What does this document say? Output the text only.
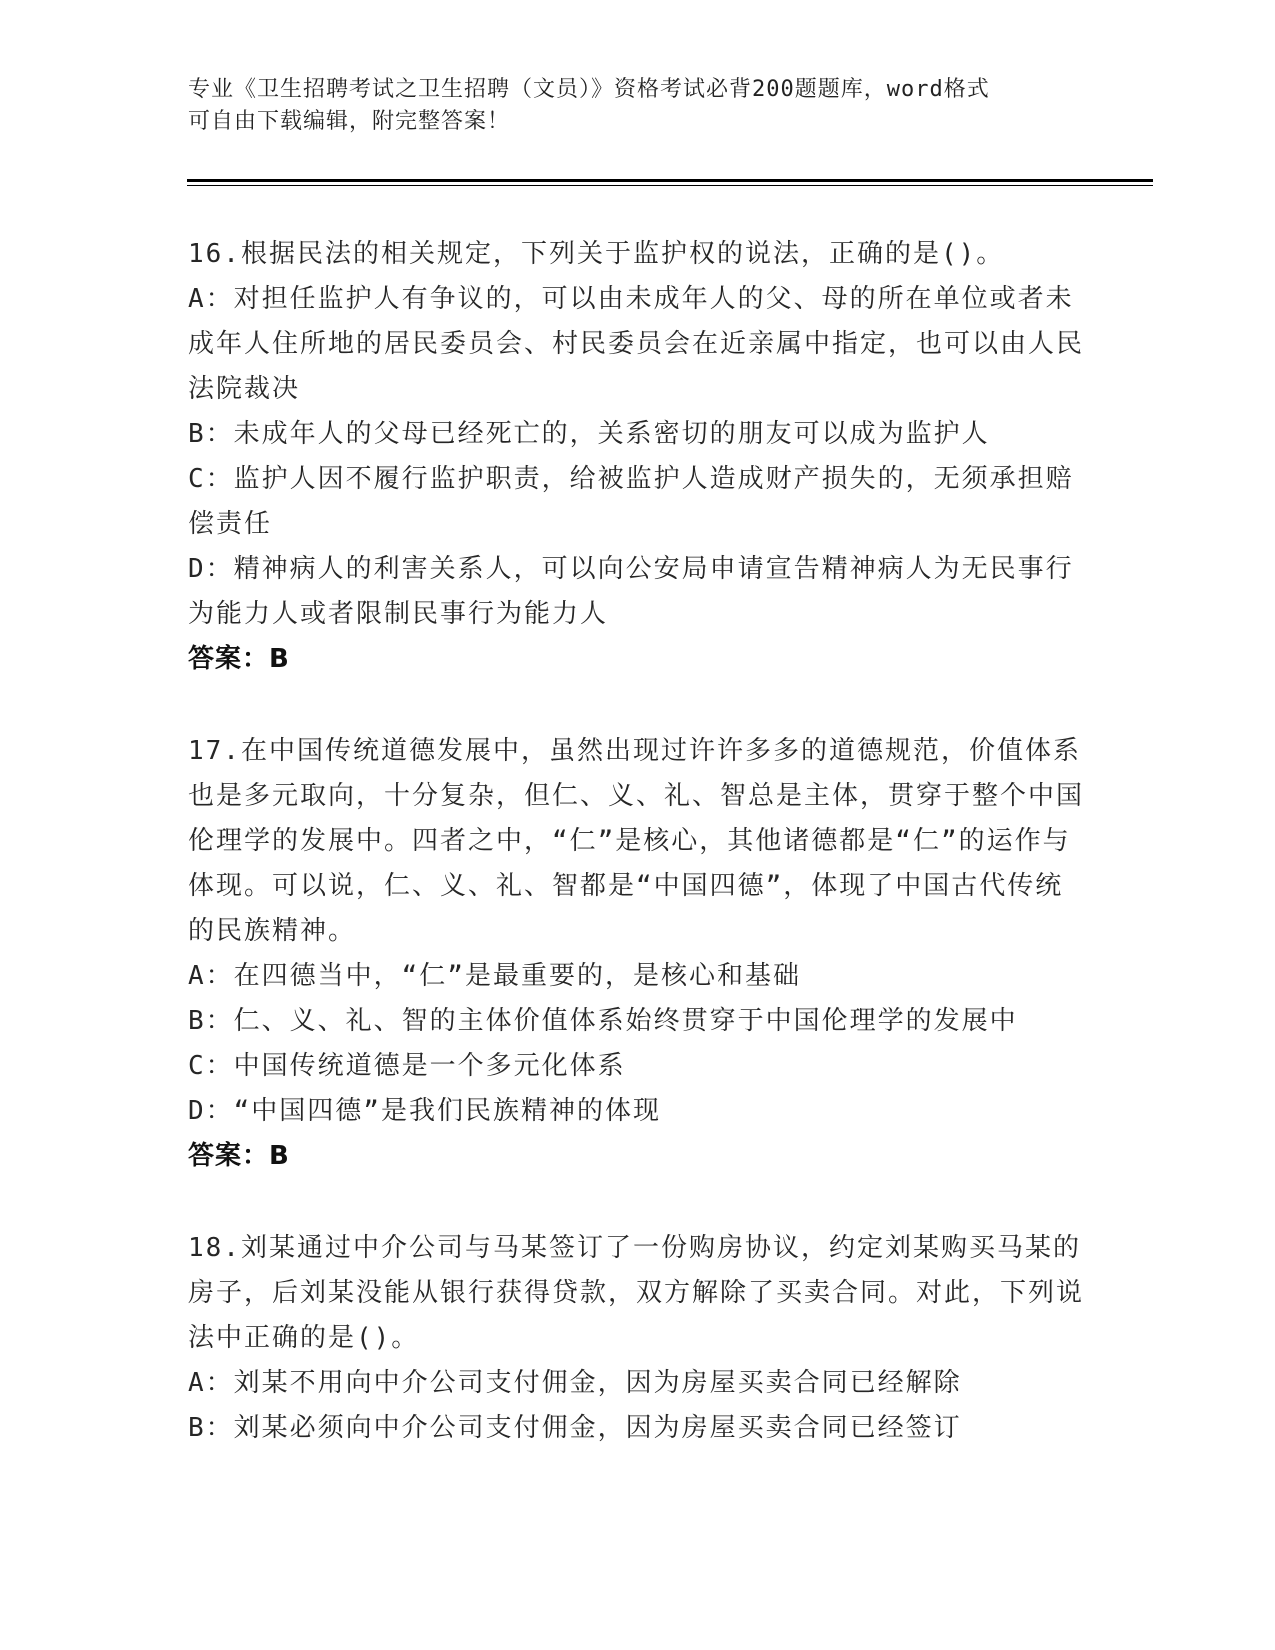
专业《卫生招聘考试之卫生招聘（文员）》资格考试必背200题题库，word格式
可自由下载编辑，附完整答案！

16.根据民法的相关规定，下列关于监护权的说法，正确的是()。

A：对担任监护人有争议的，可以由未成年人的父、母的所在单位或者未成年人住所地的居民委员会、村民委员会在近亲属中指定，也可以由人民法院裁决

B：未成年人的父母已经死亡的，关系密切的朋友可以成为监护人

C：监护人因不履行监护职责，给被监护人造成财产损失的，无须承担赔偿责任

D：精神病人的利害关系人，可以向公安局申请宣告精神病人为无民事行为能力人或者限制民事行为能力人

答案：B

17.在中国传统道德发展中，虽然出现过许许多多的道德规范，价值体系也是多元取向，十分复杂，但仁、义、礼、智总是主体，贯穿于整个中国伦理学的发展中。四者之中，“仁”是核心，其他诸德都是“仁”的运作与体现。可以说，仁、义、礼、智都是“中国四德”，体现了中国古代传统的民族精神。

A：在四德当中，“仁”是最重要的，是核心和基础

B：仁、义、礼、智的主体价值体系始终贯穿于中国伦理学的发展中

C：中国传统道德是一个多元化体系

D：“中国四德”是我们民族精神的体现

答案：B

18.刘某通过中介公司与马某签订了一份购房协议，约定刘某购买马某的房子，后刘某没能从银行获得贷款，双方解除了买卖合同。对此，下列说法中正确的是()。

A：刘某不用向中介公司支付佣金，因为房屋买卖合同已经解除

B：刘某必须向中介公司支付佣金，因为房屋买卖合同已经签订
